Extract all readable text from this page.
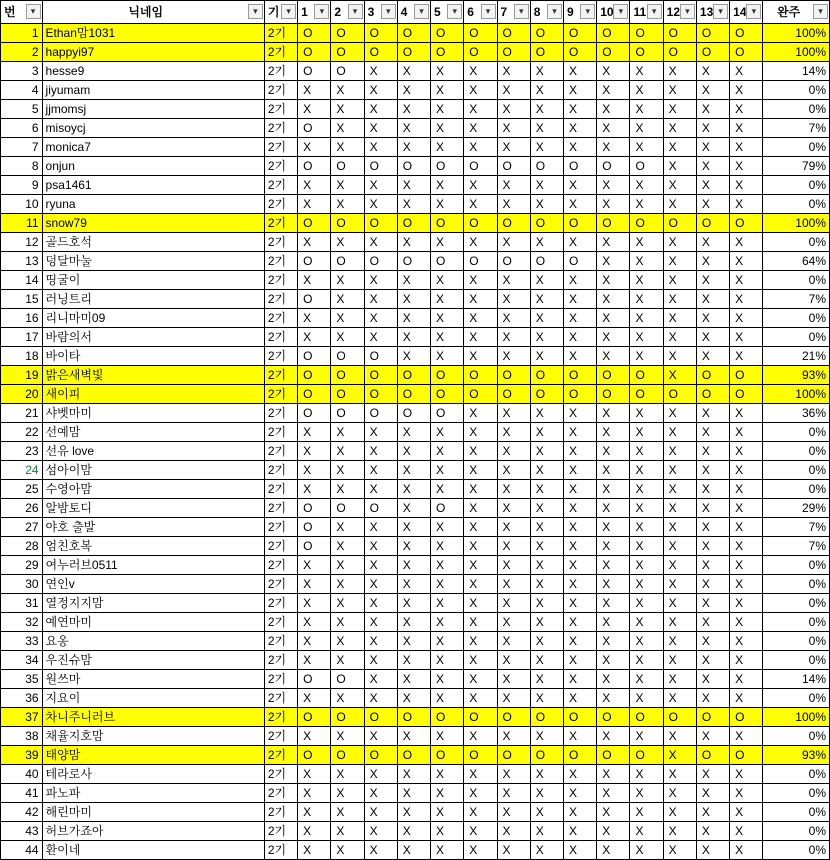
번 ▾	닉네임 ▾	기 ▾	1 ▾	2 ▾	3 ▾	4 ▾	5 ▾	6 ▾	7 ▾	8 ▾	9 ▾	10 ▾	11 ▾	12 ▾	13 ▾	14 ▾	완주 ▾

1	Ethan맘1031	2기	O	O	O	O	O	O	O	O	O	O	O	O	O	O	100%
2	happyi97	2기	O	O	O	O	O	O	O	O	O	O	O	O	O	O	100%
3	hesse9	2기	O	O	X	X	X	X	X	X	X	X	X	X	X	X	14%
4	jiyumam	2기	X	X	X	X	X	X	X	X	X	X	X	X	X	X	0%
5	jjmomsj	2기	X	X	X	X	X	X	X	X	X	X	X	X	X	X	0%
6	misoycj	2기	O	X	X	X	X	X	X	X	X	X	X	X	X	X	7%
7	monica7	2기	X	X	X	X	X	X	X	X	X	X	X	X	X	X	0%
8	onjun	2기	O	O	O	O	O	O	O	O	O	O	O	X	X	X	79%
9	psa1461	2기	X	X	X	X	X	X	X	X	X	X	X	X	X	X	0%
10	ryuna	2기	X	X	X	X	X	X	X	X	X	X	X	X	X	X	0%
11	snow79	2기	O	O	O	O	O	O	O	O	O	O	O	O	O	O	100%
12	골드호석	2기	X	X	X	X	X	X	X	X	X	X	X	X	X	X	0%
13	덩달마눌	2기	O	O	O	O	O	O	O	O	O	X	X	X	X	X	64%
14	띵굴이	2기	X	X	X	X	X	X	X	X	X	X	X	X	X	X	0%
15	러닝트리	2기	O	X	X	X	X	X	X	X	X	X	X	X	X	X	7%
16	리니마미09	2기	X	X	X	X	X	X	X	X	X	X	X	X	X	X	0%
17	바람의서	2기	X	X	X	X	X	X	X	X	X	X	X	X	X	X	0%
18	바이타	2기	O	O	O	X	X	X	X	X	X	X	X	X	X	X	21%
19	밝은새벽빛	2기	O	O	O	O	O	O	O	O	O	O	O	X	O	O	93%
20	새이피	2기	O	O	O	O	O	O	O	O	O	O	O	O	O	O	100%
21	샤벳마미	2기	O	O	O	O	O	X	X	X	X	X	X	X	X	X	36%
22	선예맘	2기	X	X	X	X	X	X	X	X	X	X	X	X	X	X	0%
23	선유 love	2기	X	X	X	X	X	X	X	X	X	X	X	X	X	X	0%
24	섬아이맘	2기	X	X	X	X	X	X	X	X	X	X	X	X	X	X	0%
25	수영아맘	2기	X	X	X	X	X	X	X	X	X	X	X	X	X	X	0%
26	알밤토디	2기	O	O	O	X	O	X	X	X	X	X	X	X	X	X	29%
27	야호 출발	2기	O	X	X	X	X	X	X	X	X	X	X	X	X	X	7%
28	엄친호복	2기	O	X	X	X	X	X	X	X	X	X	X	X	X	X	7%
29	여누러브0511	2기	X	X	X	X	X	X	X	X	X	X	X	X	X	X	0%
30	연인v	2기	X	X	X	X	X	X	X	X	X	X	X	X	X	X	0%
31	열정지지맘	2기	X	X	X	X	X	X	X	X	X	X	X	X	X	X	0%
32	예연마미	2기	X	X	X	X	X	X	X	X	X	X	X	X	X	X	0%
33	요옹	2기	X	X	X	X	X	X	X	X	X	X	X	X	X	X	0%
34	우진슈맘	2기	X	X	X	X	X	X	X	X	X	X	X	X	X	X	0%
35	원쓰마	2기	O	O	X	X	X	X	X	X	X	X	X	X	X	X	14%
36	지요이	2기	X	X	X	X	X	X	X	X	X	X	X	X	X	X	0%
37	차니주니러브	2기	O	O	O	O	O	O	O	O	O	O	O	O	O	O	100%
38	채율지호맘	2기	X	X	X	X	X	X	X	X	X	X	X	X	X	X	0%
39	태양맘	2기	O	O	O	O	O	O	O	O	O	O	O	X	O	O	93%
40	테라로사	2기	X	X	X	X	X	X	X	X	X	X	X	X	X	X	0%
41	파노파	2기	X	X	X	X	X	X	X	X	X	X	X	X	X	X	0%
42	해린마미	2기	X	X	X	X	X	X	X	X	X	X	X	X	X	X	0%
43	허브가죠아	2기	X	X	X	X	X	X	X	X	X	X	X	X	X	X	0%
44	환이네	2기	X	X	X	X	X	X	X	X	X	X	X	X	X	X	0%
